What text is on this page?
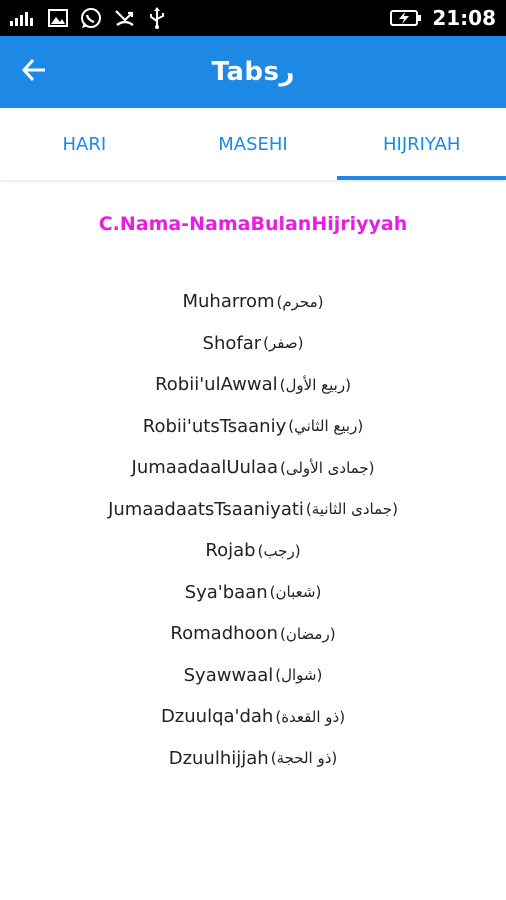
21:08
Tabsر
HARI	MASEHI	HIJRIYAH
C.Nama-NamaBulanHijriyyah
Muharrom (محرم)
Shofar (صفر)
Robii'ulAwwal (ربيع الأول)
Robii'utsTsaaniy (ربيع الثاني)
JumaadaalUulaa (جمادى الأولى)
JumaadaatsTsaaniyati (جمادى الثانية)
Rojab (رجب)
Sya'baan (شعبان)
Romadhoon (رمضان)
Syawwaal (شوال)
Dzuulqa'dah (ذو القعدة)
Dzuulhijjah (ذو الحجة)
